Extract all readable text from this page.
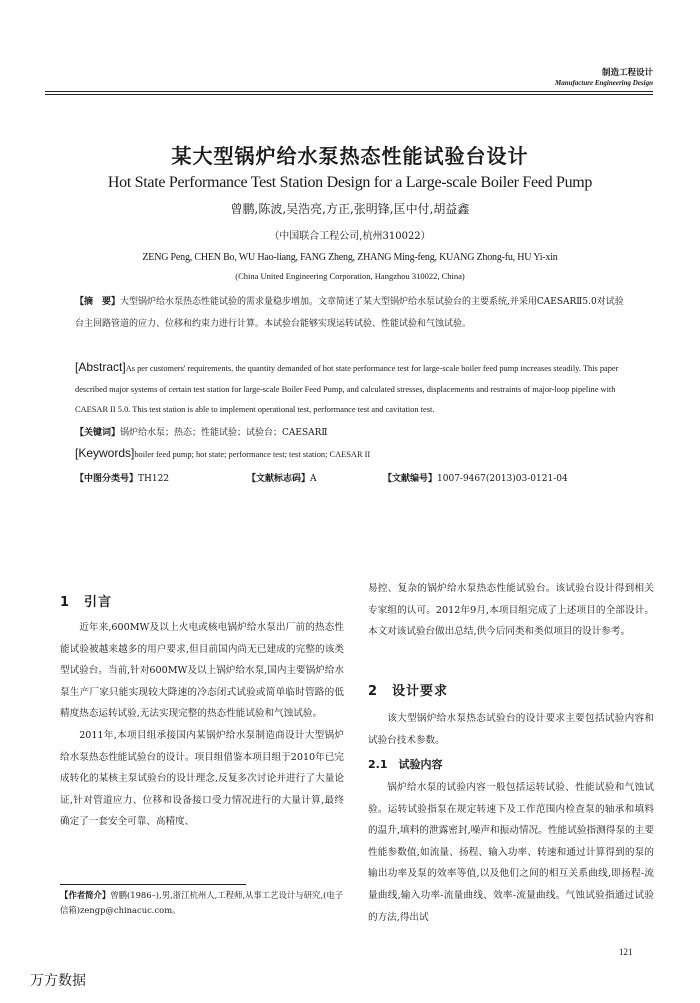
制造工程设计
Manufacture Engineering Design
某大型锅炉给水泵热态性能试验台设计
Hot State Performance Test Station Design for a Large-scale Boiler Feed Pump
曾鹏,陈波,吴浩亮,方正,张明锋,匡中付,胡益鑫
（中国联合工程公司,杭州310022）
ZENG Peng, CHEN Bo, WU Hao-liang, FANG Zheng, ZHANG Ming-feng, KUANG Zhong-fu, HU Yi-xin
(China United Engineering Corporation, Hangzhou 310022, China)
【摘　要】大型锅炉给水泵热态性能试验的需求量稳步增加。文章简述了某大型锅炉给水泵试验台的主要系统,并采用CAESARⅡ5.0对试验台主回路管道的应力、位移和约束力进行计算。本试验台能够实现运转试验、性能试验和气蚀试验。
[Abstract]As per customers' requirements, the quantity demanded of hot state performance test for large-scale boiler feed pump increases steadily. This paper described major systems of certain test station for large-scale Boiler Feed Pump, and calculated stresses, displacements and restraints of major-loop pipeline with CAESAR II 5.0. This test station is able to implement operational test, performance test and cavitation test.
【关键词】锅炉给水泵；热态；性能试验；试验台；CAESARⅡ
[Keywords]boiler feed pump; hot state; performance test; test station; CAESAR II
【中图分类号】TH122	【文献标志码】A	【文献编号】1007-9467(2013)03-0121-04
1　引言

近年来,600MW及以上火电或核电锅炉给水泵出厂前的热态性能试验被越来越多的用户要求,但目前国内尚无已建成的完整的该类型试验台。当前,针对600MW及以上锅炉给水泵,国内主要锅炉给水泵生产厂家只能实现较大降速的冷态闭式试验或简单临时管路的低精度热态运转试验,无法实现完整的热态性能试验和气蚀试验。

2011年,本项目组承接国内某锅炉给水泵制造商设计大型锅炉给水泵热态性能试验台的设计。项目组借鉴本项目组于2010年已完成转化的某核主泵试验台的设计理念,反复多次讨论并进行了大量论证,针对管道应力、位移和设备接口受力情况进行的大量计算,最终确定了一套安全可靠、高精度、

易控、复杂的锅炉给水泵热态性能试验台。该试验台设计得到相关专家组的认可。2012年9月,本项目组完成了上述项目的全部设计。本文对该试验台做出总结,供今后同类和类似项目的设计参考。

2　设计要求

该大型锅炉给水泵热态试验台的设计要求主要包括试验内容和试验台技术参数。

2.1　试验内容

锅炉给水泵的试验内容一般包括运转试验、性能试验和气蚀试验。运转试验指泵在规定转速下及工作范围内检查泵的轴承和填料的温升,填料的泄露密封,噪声和振动情况。性能试验指测得泵的主要性能参数值,如流量、扬程、输入功率、转速和通过计算得到的泵的输出功率及泵的效率等值,以及他们之间的相互关系曲线,即扬程-流量曲线,输入功率-流量曲线、效率-流量曲线。气蚀试验指通过试验的方法,得出试

【作者简介】曾鹏(1986–),男,浙江杭州人,工程师,从事工艺设计与研究,(电子信箱)zengp@chinacuc.com。
121
万方数据
